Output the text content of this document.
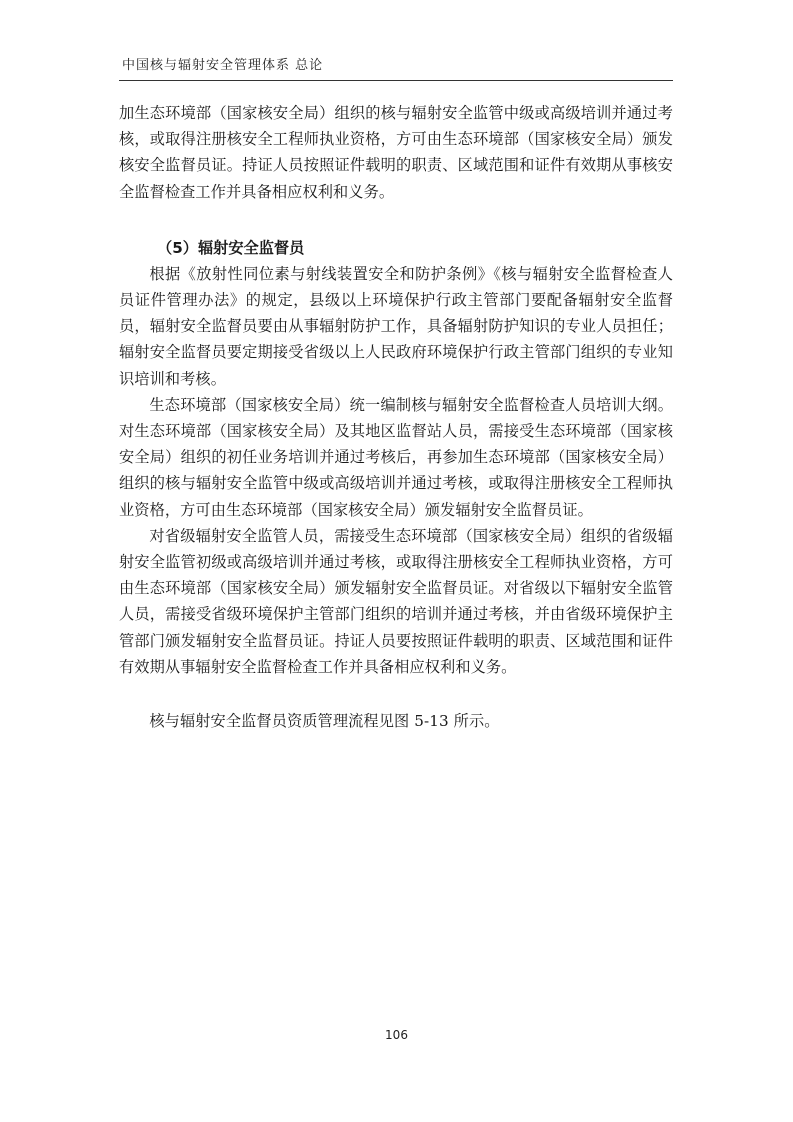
中国核与辐射安全管理体系 总论

加生态环境部（国家核安全局）组织的核与辐射安全监管中级或高级培训并通过考核，或取得注册核安全工程师执业资格，方可由生态环境部（国家核安全局）颁发核安全监督员证。持证人员按照证件载明的职责、区域范围和证件有效期从事核安全监督检查工作并具备相应权利和义务。

（5）辐射安全监督员

根据《放射性同位素与射线装置安全和防护条例》《核与辐射安全监督检查人员证件管理办法》的规定，县级以上环境保护行政主管部门要配备辐射安全监督员，辐射安全监督员要由从事辐射防护工作，具备辐射防护知识的专业人员担任；辐射安全监督员要定期接受省级以上人民政府环境保护行政主管部门组织的专业知识培训和考核。

生态环境部（国家核安全局）统一编制核与辐射安全监督检查人员培训大纲。对生态环境部（国家核安全局）及其地区监督站人员，需接受生态环境部（国家核安全局）组织的初任业务培训并通过考核后，再参加生态环境部（国家核安全局）组织的核与辐射安全监管中级或高级培训并通过考核，或取得注册核安全工程师执业资格，方可由生态环境部（国家核安全局）颁发辐射安全监督员证。

对省级辐射安全监管人员，需接受生态环境部（国家核安全局）组织的省级辐射安全监管初级或高级培训并通过考核，或取得注册核安全工程师执业资格，方可由生态环境部（国家核安全局）颁发辐射安全监督员证。对省级以下辐射安全监管人员，需接受省级环境保护主管部门组织的培训并通过考核，并由省级环境保护主管部门颁发辐射安全监督员证。持证人员要按照证件载明的职责、区域范围和证件有效期从事辐射安全监督检查工作并具备相应权利和义务。

核与辐射安全监督员资质管理流程见图 5-13 所示。

106
